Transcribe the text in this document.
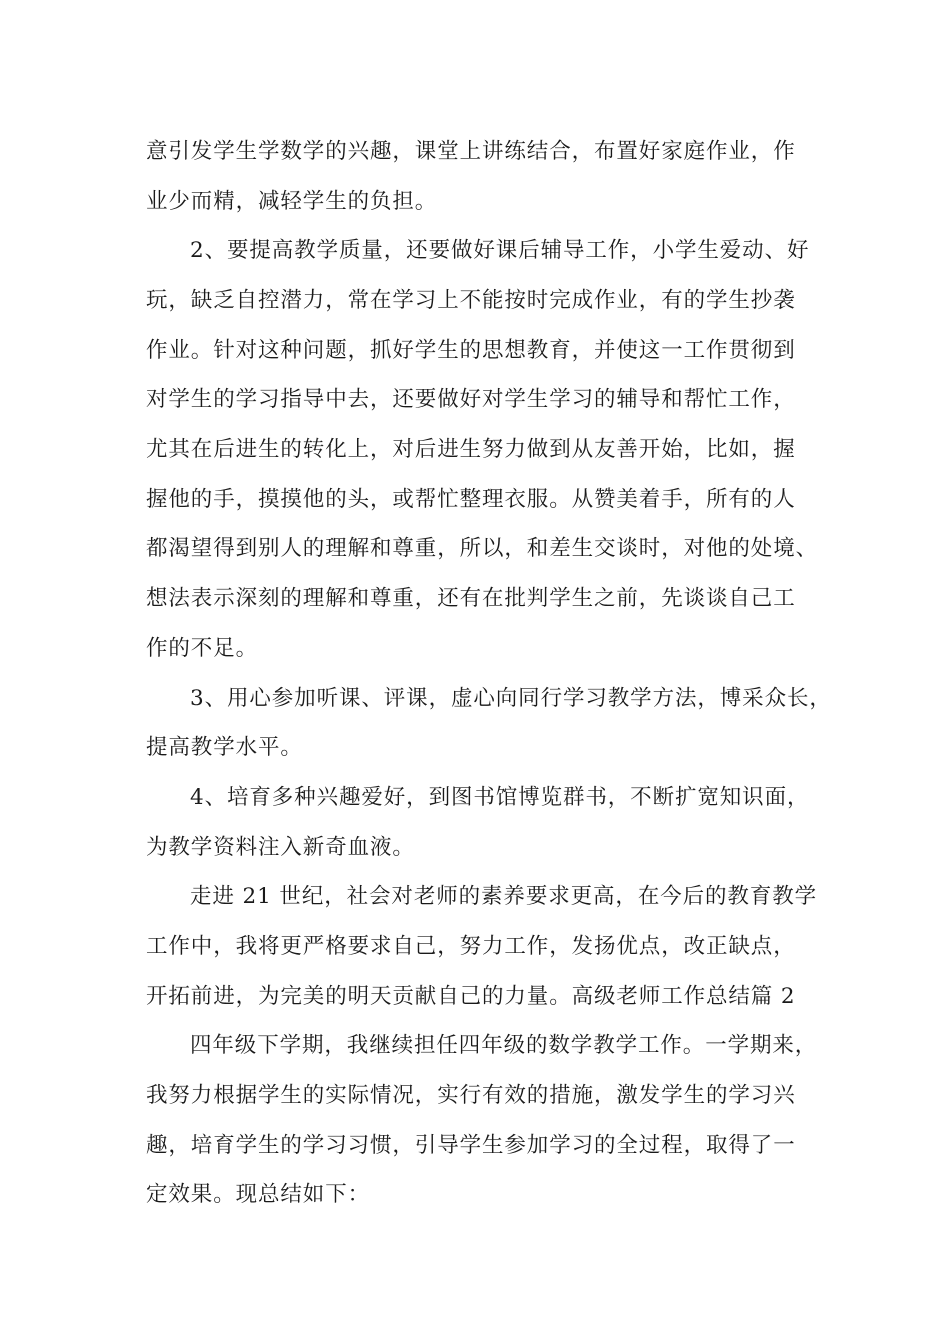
意引发学生学数学的兴趣，课堂上讲练结合，布置好家庭作业，作
业少而精，减轻学生的负担。
2、要提高教学质量，还要做好课后辅导工作，小学生爱动、好
玩，缺乏自控潜力，常在学习上不能按时完成作业，有的学生抄袭
作业。针对这种问题，抓好学生的思想教育，并使这一工作贯彻到
对学生的学习指导中去，还要做好对学生学习的辅导和帮忙工作，
尤其在后进生的转化上，对后进生努力做到从友善开始，比如，握
握他的手，摸摸他的头，或帮忙整理衣服。从赞美着手，所有的人
都渴望得到别人的理解和尊重，所以，和差生交谈时，对他的处境、
想法表示深刻的理解和尊重，还有在批判学生之前，先谈谈自己工
作的不足。
3、用心参加听课、评课，虚心向同行学习教学方法，博采众长，
提高教学水平。
4、培育多种兴趣爱好，到图书馆博览群书，不断扩宽知识面，
为教学资料注入新奇血液。
走进 21 世纪，社会对老师的素养要求更高，在今后的教育教学
工作中，我将更严格要求自己，努力工作，发扬优点，改正缺点，
开拓前进，为完美的明天贡献自己的力量。高级老师工作总结篇 2
四年级下学期，我继续担任四年级的数学教学工作。一学期来，
我努力根据学生的实际情况，实行有效的措施，激发学生的学习兴
趣，培育学生的学习习惯，引导学生参加学习的全过程，取得了一
定效果。现总结如下：
